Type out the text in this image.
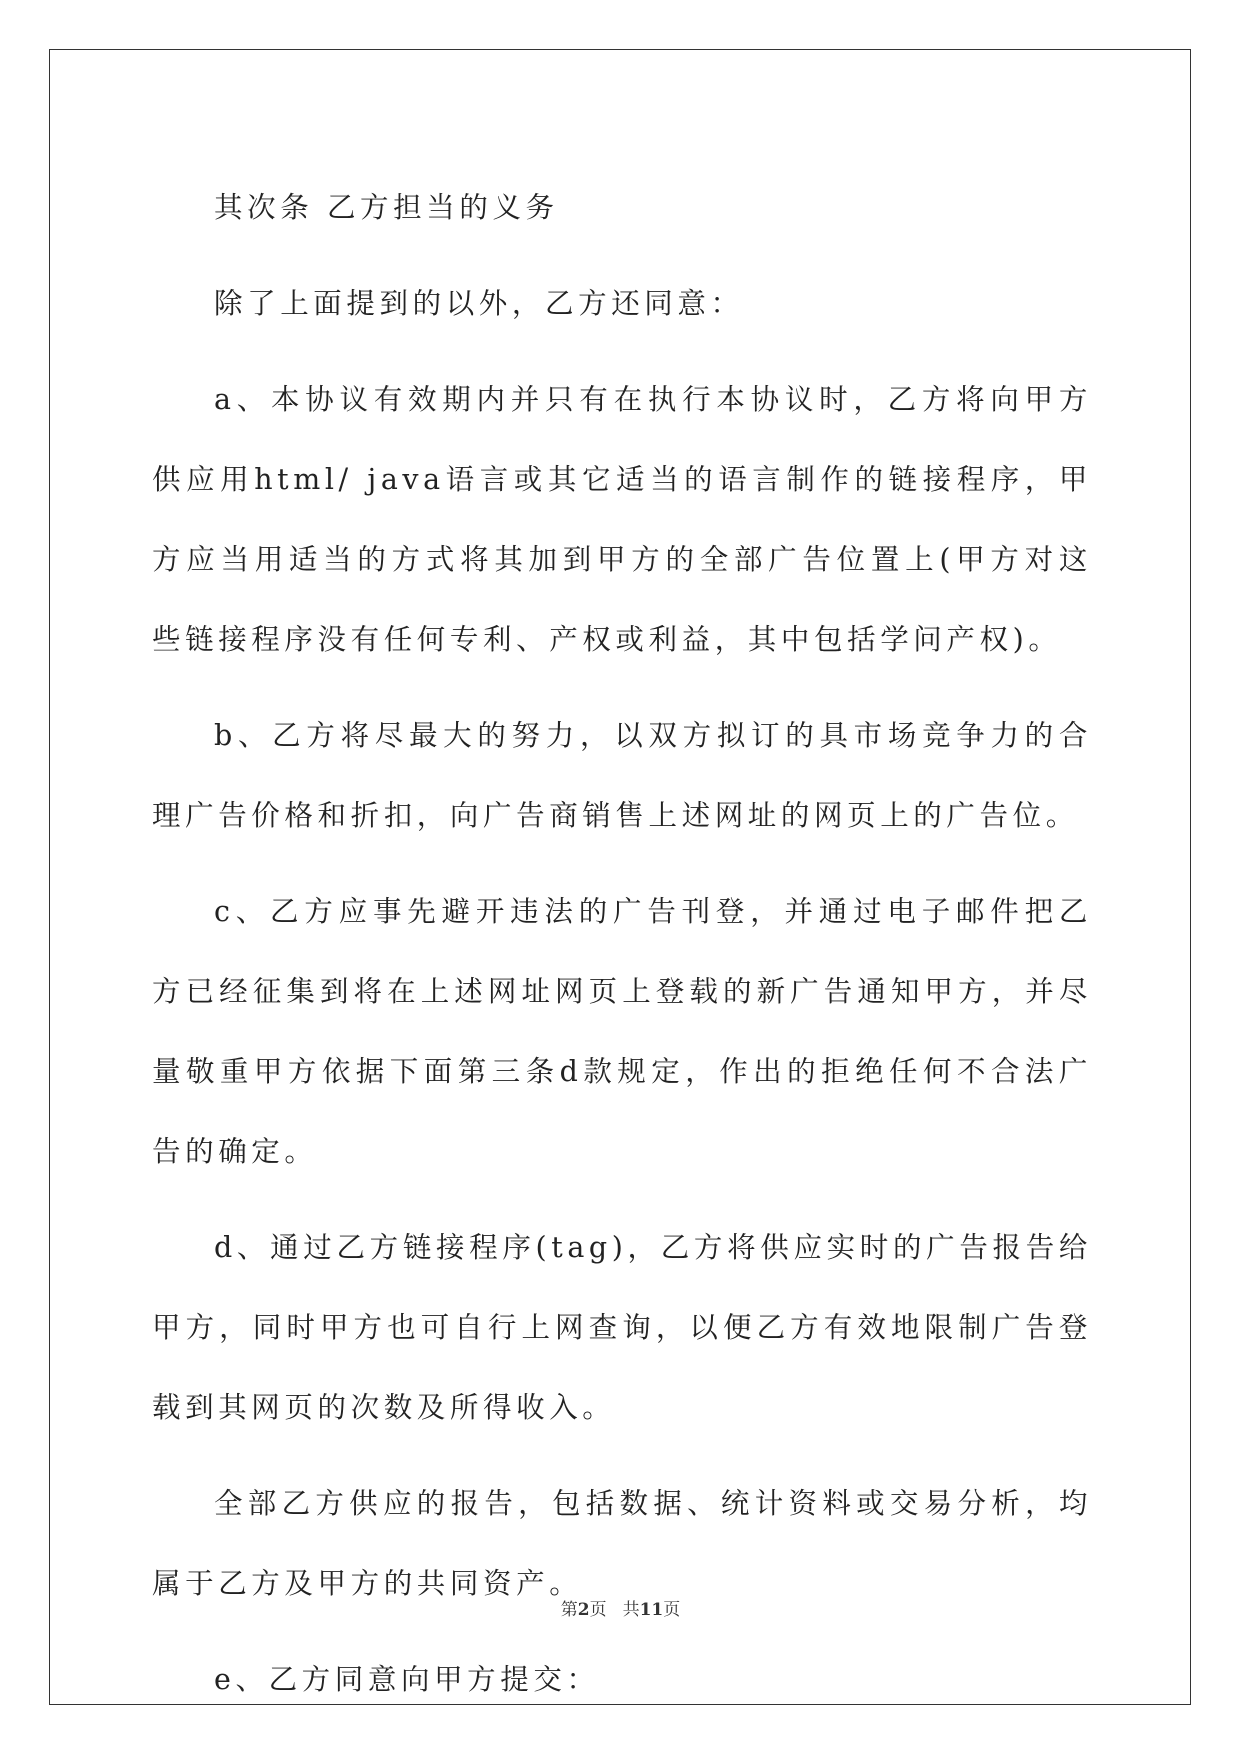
其次条 乙方担当的义务

除了上面提到的以外，乙方还同意：

a、本协议有效期内并只有在执行本协议时，乙方将向甲方供应用html/ java语言或其它适当的语言制作的链接程序，甲方应当用适当的方式将其加到甲方的全部广告位置上(甲方对这些链接程序没有任何专利、产权或利益，其中包括学问产权)。

b、乙方将尽最大的努力，以双方拟订的具市场竞争力的合理广告价格和折扣，向广告商销售上述网址的网页上的广告位。

c、乙方应事先避开违法的广告刊登，并通过电子邮件把乙方已经征集到将在上述网址网页上登载的新广告通知甲方，并尽量敬重甲方依据下面第三条d款规定，作出的拒绝任何不合法广告的确定。

d、通过乙方链接程序(tag)，乙方将供应实时的广告报告给甲方，同时甲方也可自行上网查询，以便乙方有效地限制广告登载到其网页的次数及所得收入。

全部乙方供应的报告，包括数据、统计资料或交易分析，均属于乙方及甲方的共同资产。

e、乙方同意向甲方提交：

第2页 共11页
